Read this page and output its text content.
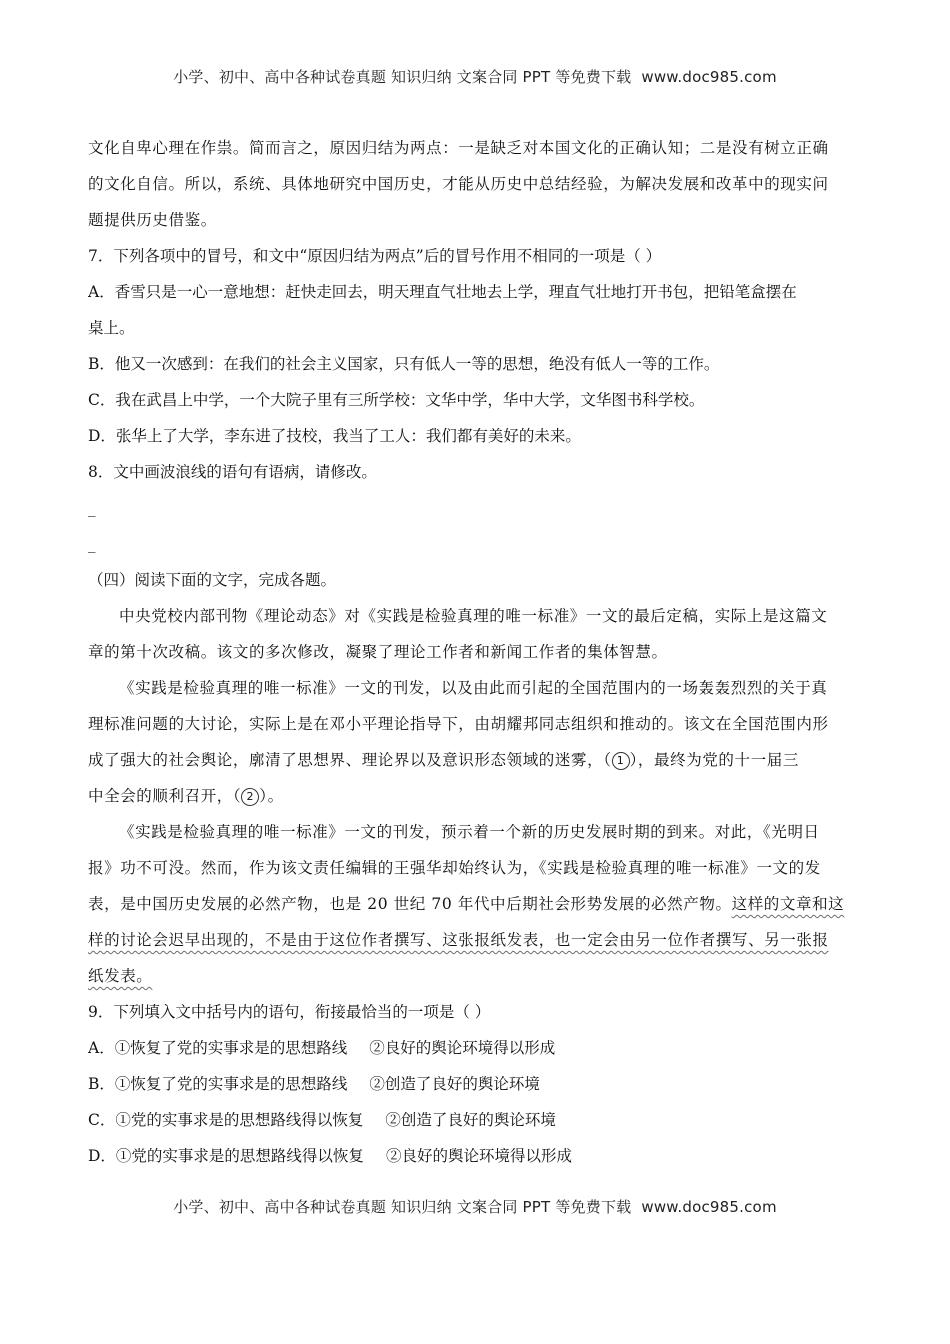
小学、初中、高中各种试卷真题 知识归纳 文案合同 PPT 等免费下载 www.doc985.com
文化自卑心理在作祟。简而言之，原因归结为两点：一是缺乏对本国文化的正确认知；二是没有树立正确
的文化自信。所以，系统、具体地研究中国历史，才能从历史中总结经验，为解决发展和改革中的现实问
题提供历史借鉴。
7．下列各项中的冒号，和文中“原因归结为两点”后的冒号作用不相同的一项是（ ）
A．香雪只是一心一意地想：赶快走回去，明天理直气壮地去上学，理直气壮地打开书包，把铅笔盒摆在
桌上。
B．他又一次感到：在我们的社会主义国家，只有低人一等的思想，绝没有低人一等的工作。
C．我在武昌上中学，一个大院子里有三所学校：文华中学，华中大学，文华图书科学校。
D．张华上了大学，李东进了技校，我当了工人：我们都有美好的未来。
8．文中画波浪线的语句有语病，请修改。
_
_
（四）阅读下面的文字，完成各题。
中央党校内部刊物《理论动态》对《实践是检验真理的唯一标准》一文的最后定稿，实际上是这篇文
章的第十次改稿。该文的多次修改，凝聚了理论工作者和新闻工作者的集体智慧。
《实践是检验真理的唯一标准》一文的刊发，以及由此而引起的全国范围内的一场轰轰烈烈的关于真
理标准问题的大讨论，实际上是在邓小平理论指导下，由胡耀邦同志组织和推动的。该文在全国范围内形
成了强大的社会舆论，廓清了思想界、理论界以及意识形态领域的迷雾，（ 1 ），最终为党的十一届三
中全会的顺利召开，（ 2 ）。
《实践是检验真理的唯一标准》一文的刊发，预示着一个新的历史发展时期的到来。对此，《光明日
报》功不可没。然而，作为该文责任编辑的王强华却始终认为，《实践是检验真理的唯一标准》一文的发
表，是中国历史发展的必然产物，也是 20 世纪 70 年代中后期社会形势发展的必然产物。这样的文章和这
样的讨论会迟早出现的，不是由于这位作者撰写、这张报纸发表，也一定会由另一位作者撰写、另一张报
纸发表。
9．下列填入文中括号内的语句，衔接最恰当的一项是（ ）
A．①恢复了党的实事求是的思想路线 ②良好的舆论环境得以形成
B．①恢复了党的实事求是的思想路线 ②创造了良好的舆论环境
C．①党的实事求是的思想路线得以恢复 ②创造了良好的舆论环境
D．①党的实事求是的思想路线得以恢复 ②良好的舆论环境得以形成
小学、初中、高中各种试卷真题 知识归纳 文案合同 PPT 等免费下载 www.doc985.com
